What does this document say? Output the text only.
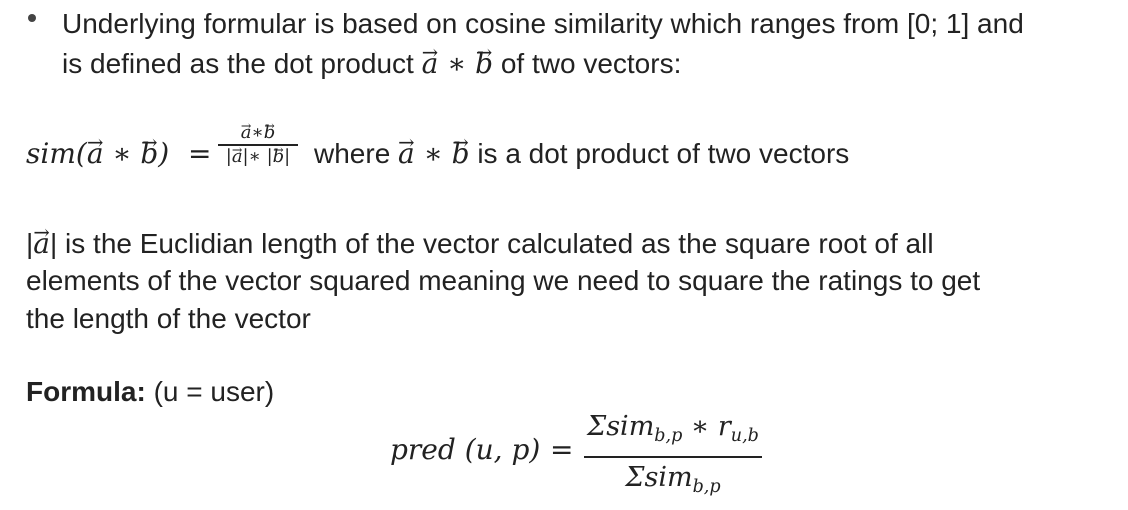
Underlying formular is based on cosine similarity which ranges from [0; 1] and
is defined as the dot product → a ∗ → b of two vectors:
sim(→ a ∗ → b) =
→ a∗→ b
|→ a|∗ |→ b| where → a ∗ → b is a dot product of two vectors
|→ a| is the Euclidian length of the vector calculated as the square root of all
elements of the vector squared meaning we need to square the ratings to get
the length of the vector
Formula: (u = user)
pred (u, p) =
Σsim$_{b,p}$ ∗ $r_{u,b}$
Σsim$_{b,p}$
